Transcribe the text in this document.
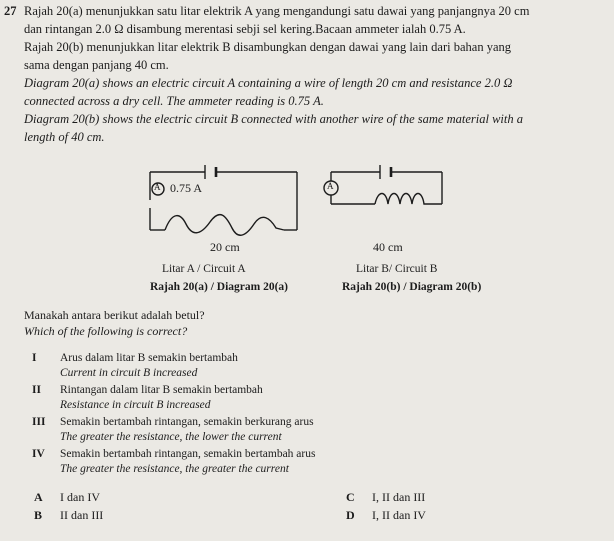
27 Rajah 20(a) menunjukkan satu litar elektrik A yang mengandungi satu dawai yang panjangnya 20 cm
dan rintangan 2.0 Ω disambung merentasi sebji sel kering.Bacaan ammeter ialah 0.75 A.
Rajah 20(b) menunjukkan litar elektrik B disambungkan dengan dawai yang lain dari bahan yang
sama dengan panjang 40 cm.
Diagram 20(a) shows an electric circuit A containing a wire of length 20 cm and resistance 2.0 Ω
connected across a dry cell. The ammeter reading is 0.75 A.
Diagram 20(b) shows the electric circuit B connected with another wire of the same material with a
length of 40 cm.
A 0.75 A	A
20 cm	40 cm
Litar A / Circuit A	Litar B/ Circuit B
Rajah 20(a) / Diagram 20(a)	Rajah 20(b) / Diagram 20(b)
Manakah antara berikut adalah betul?
Which of the following is correct?
I Arus dalam litar B semakin bertambah
Current in circuit B increased
II Rintangan dalam litar B semakin bertambah
Resistance in circuit B increased
III Semakin bertambah rintangan, semakin berkurang arus
The greater the resistance, the lower the current
IV Semakin bertambah rintangan, semakin bertambah arus
The greater the resistance, the greater the current
A I dan IV
B II dan III
C I, II dan III
D I, II dan IV
